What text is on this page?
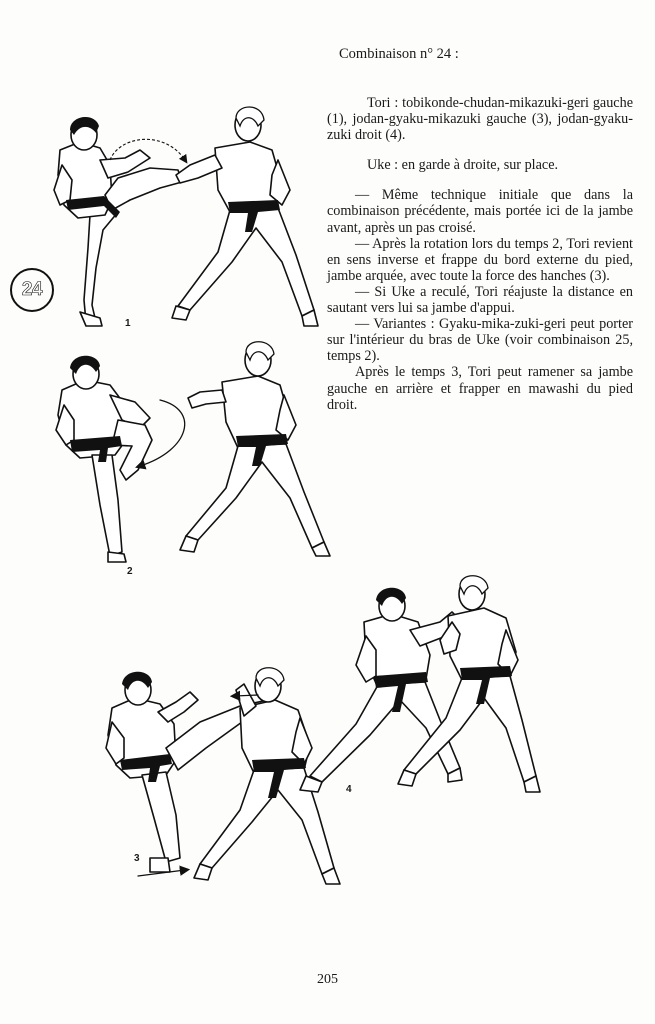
Combinaison n° 24 :

Tori : tobikonde-chudan-mikazuki-geri gauche (1), jodan-gyaku-mikazuki gauche (3), jodan-gyaku-zuki droit (4).

Uke : en garde à droite, sur place.

— Même technique initiale que dans la combinaison précédente, mais portée ici de la jambe avant, après un pas croisé.

— Après la rotation lors du temps 2, Tori revient en sens inverse et frappe du bord externe du pied, jambe arquée, avec toute la force des hanches (3).

— Si Uke a reculé, Tori réajuste la distance en sautant vers lui sa jambe d'appui.

— Variantes : Gyaku-mika-zuki-geri peut porter sur l'intérieur du bras de Uke (voir combinaison 25, temps 2).

Après le temps 3, Tori peut ramener sa jambe gauche en arrière et frapper en mawashi du pied droit.

24
1
2
3
4
205
